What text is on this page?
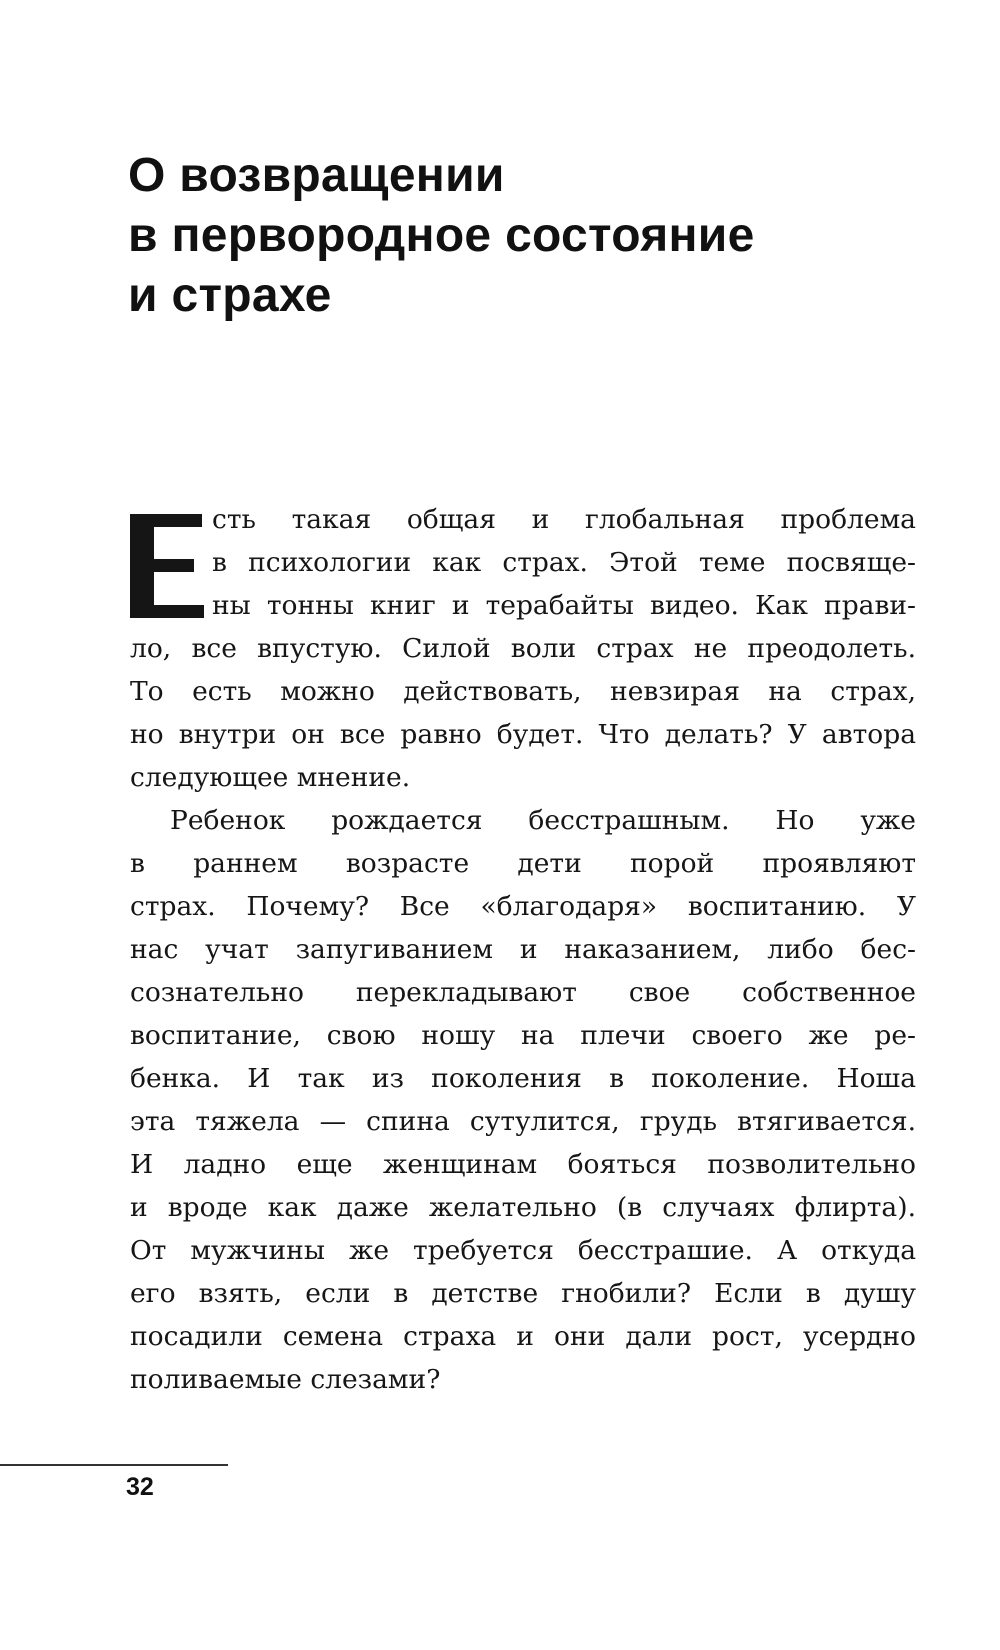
О возвращении
в первородное состояние
и страхе
сть такая общая и глобальная проблема
в психологии как страх. Этой теме посвяще-
ны тонны книг и терабайты видео. Как прави-
ло, все впустую. Силой воли страх не преодолеть.
То есть можно действовать, невзирая на страх,
но внутри он все равно будет. Что делать? У автора
следующее мнение.
Ребенок рождается бесстрашным. Но уже
в раннем возрасте дети порой проявляют
страх. Почему? Все «благодаря» воспитанию. У
нас учат запугиванием и наказанием, либо бес-
сознательно перекладывают свое собственное
воспитание, свою ношу на плечи своего же ре-
бенка. И так из поколения в поколение. Ноша
эта тяжела — спина сутулится, грудь втягивается.
И ладно еще женщинам бояться позволительно
и вроде как даже желательно (в случаях флирта).
От мужчины же требуется бесстрашие. А откуда
его взять, если в детстве гнобили? Если в душу
посадили семена страха и они дали рост, усердно
поливаемые слезами?
32
